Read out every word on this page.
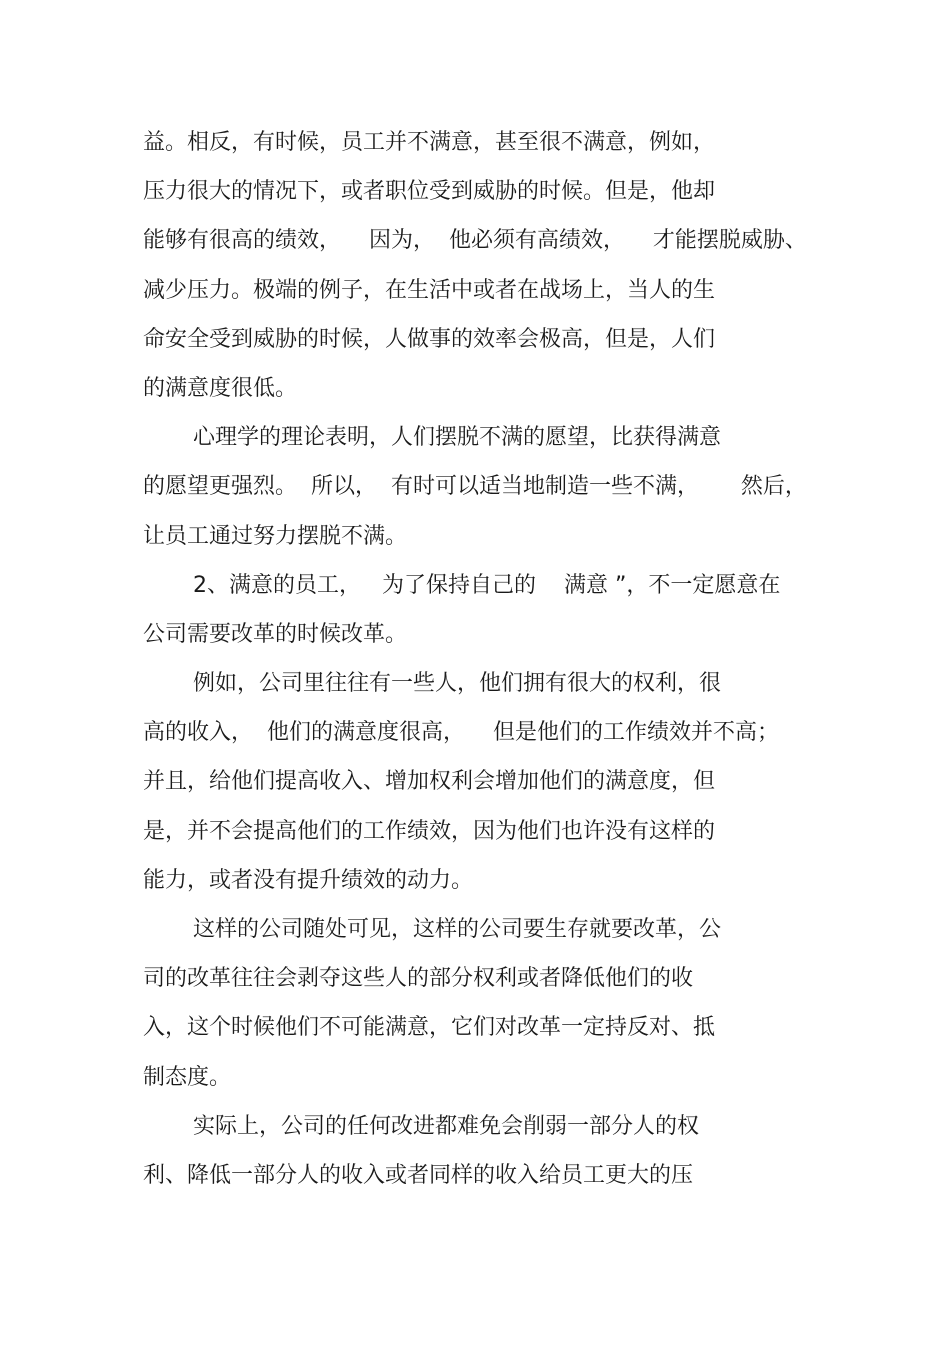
益。相反，有时候，员工并不满意，甚至很不满意，例如，

压力很大的情况下，或者职位受到威胁的时候。但是，他却

能够有很高的绩效，    因为，  他必须有高绩效，    才能摆脱威胁、

减少压力。极端的例子，在生活中或者在战场上，当人的生

命安全受到威胁的时候，人做事的效率会极高，但是，人们

的满意度很低。

心理学的理论表明，人们摆脱不满的愿望，比获得满意

的愿望更强烈。  所以，  有时可以适当地制造一些不满，      然后，

让员工通过努力摆脱不满。

2、满意的员工，   为了保持自己的    满意 ”，不一定愿意在

公司需要改革的时候改革。

例如，公司里往往有一些人，他们拥有很大的权利，很

高的收入，  他们的满意度很高，    但是他们的工作绩效并不高；

并且，给他们提高收入、增加权利会增加他们的满意度，但

是，并不会提高他们的工作绩效，因为他们也许没有这样的

能力，或者没有提升绩效的动力。

这样的公司随处可见，这样的公司要生存就要改革，公

司的改革往往会剥夺这些人的部分权利或者降低他们的收

入，这个时候他们不可能满意，它们对改革一定持反对、抵

制态度。

实际上，公司的任何改进都难免会削弱一部分人的权

利、降低一部分人的收入或者同样的收入给员工更大的压
